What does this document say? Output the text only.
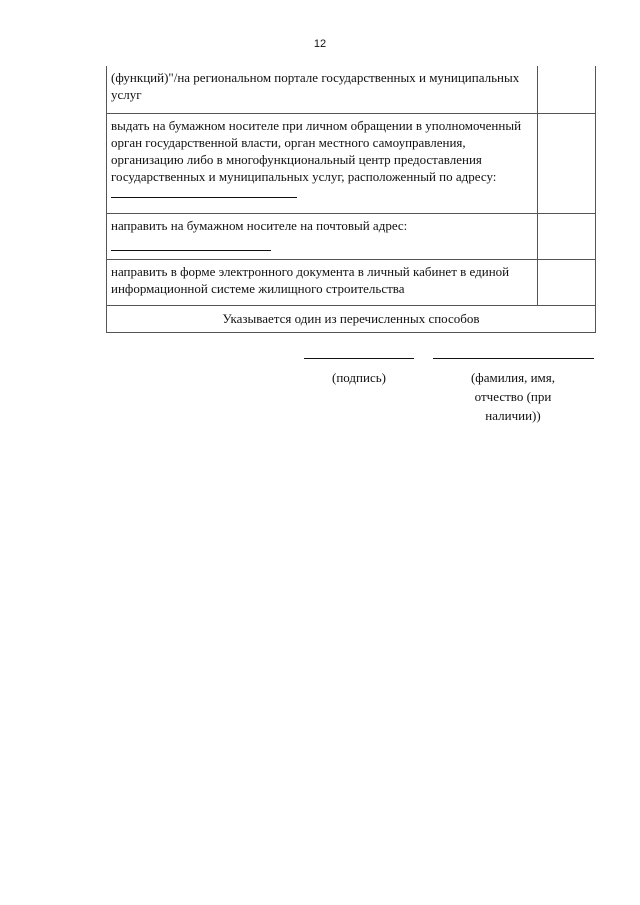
12
(функций)"/на региональном портале государственных и муниципальных услуг	
выдать на бумажном носителе при личном обращении в уполномоченный орган государственной власти, орган местного самоуправления, организацию либо в многофункциональный центр предоставления государственных и муниципальных услуг, расположенный по адресу:	
направить на бумажном носителе на почтовый адрес:

направить в форме электронного документа в личный кабинет в единой информационной системе жилищного строительства	
Указывается один из перечисленных способов	
(подпись)	(фамилия, имя, отчество (при наличии))
